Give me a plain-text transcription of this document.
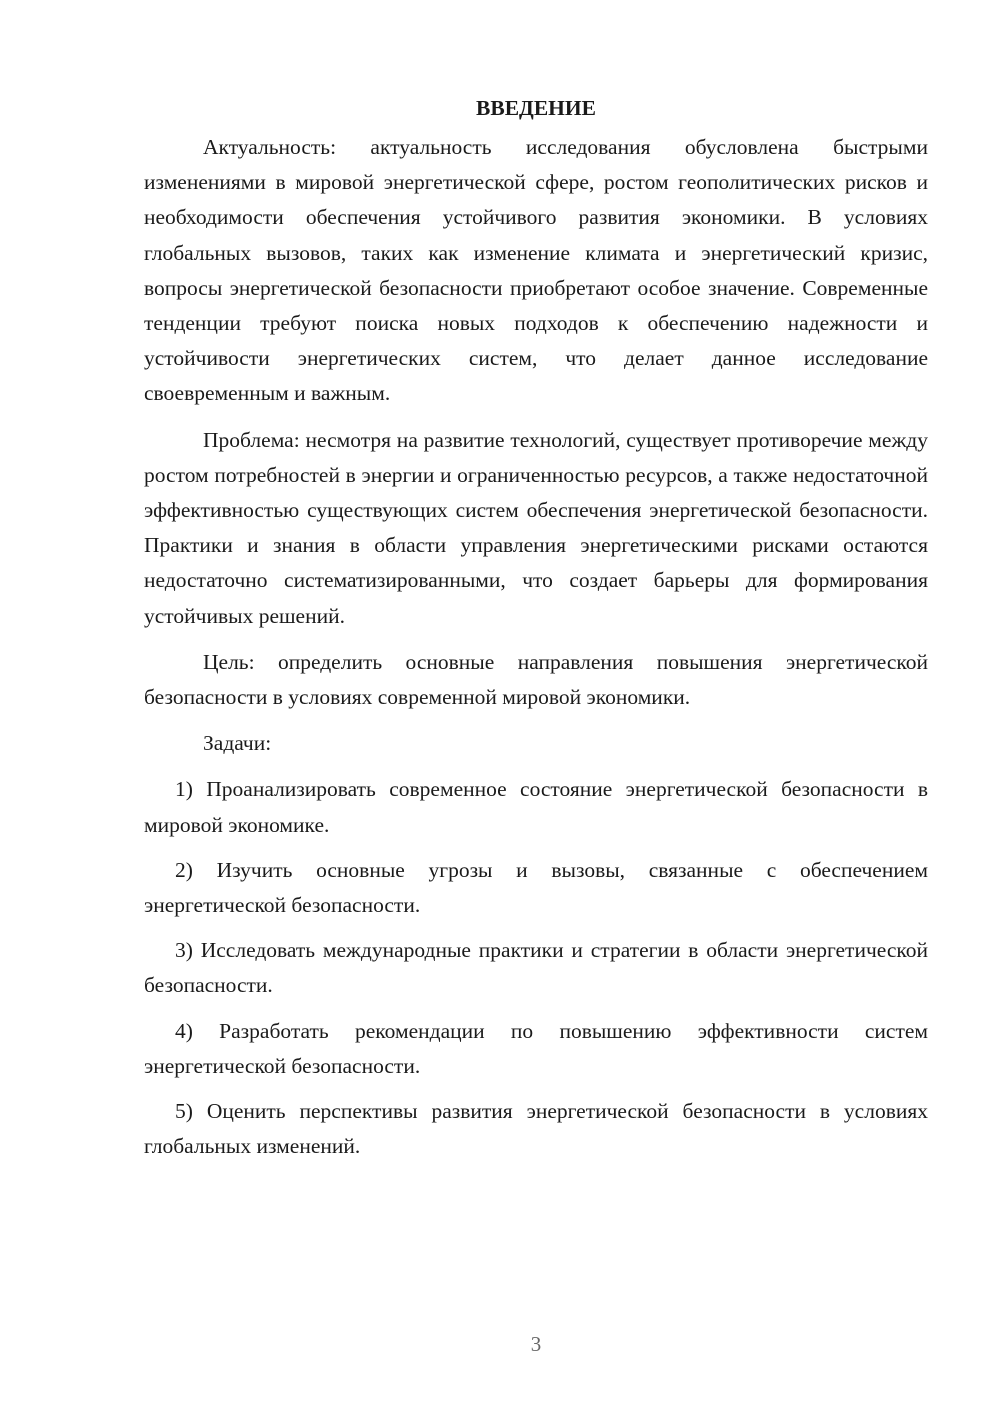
ВВЕДЕНИЕ

Актуальность: актуальность исследования обусловлена быстрыми изменениями в мировой энергетической сфере, ростом геополитических рисков и необходимости обеспечения устойчивого развития экономики. В условиях глобальных вызовов, таких как изменение климата и энергетический кризис, вопросы энергетической безопасности приобретают особое значение. Современные тенденции требуют поиска новых подходов к обеспечению надежности и устойчивости энергетических систем, что делает данное исследование своевременным и важным.

Проблема: несмотря на развитие технологий, существует противоречие между ростом потребностей в энергии и ограниченностью ресурсов, а также недостаточной эффективностью существующих систем обеспечения энергетической безопасности. Практики и знания в области управления энергетическими рисками остаются недостаточно систематизированными, что создает барьеры для формирования устойчивых решений.

Цель: определить основные направления повышения энергетической безопасности в условиях современной мировой экономики.

Задачи:

1) Проанализировать современное состояние энергетической безопасности в мировой экономике.

2) Изучить основные угрозы и вызовы, связанные с обеспечением энергетической безопасности.

3) Исследовать международные практики и стратегии в области энергетической безопасности.

4) Разработать рекомендации по повышению эффективности систем энергетической безопасности.

5) Оценить перспективы развития энергетической безопасности в условиях глобальных изменений.

3
